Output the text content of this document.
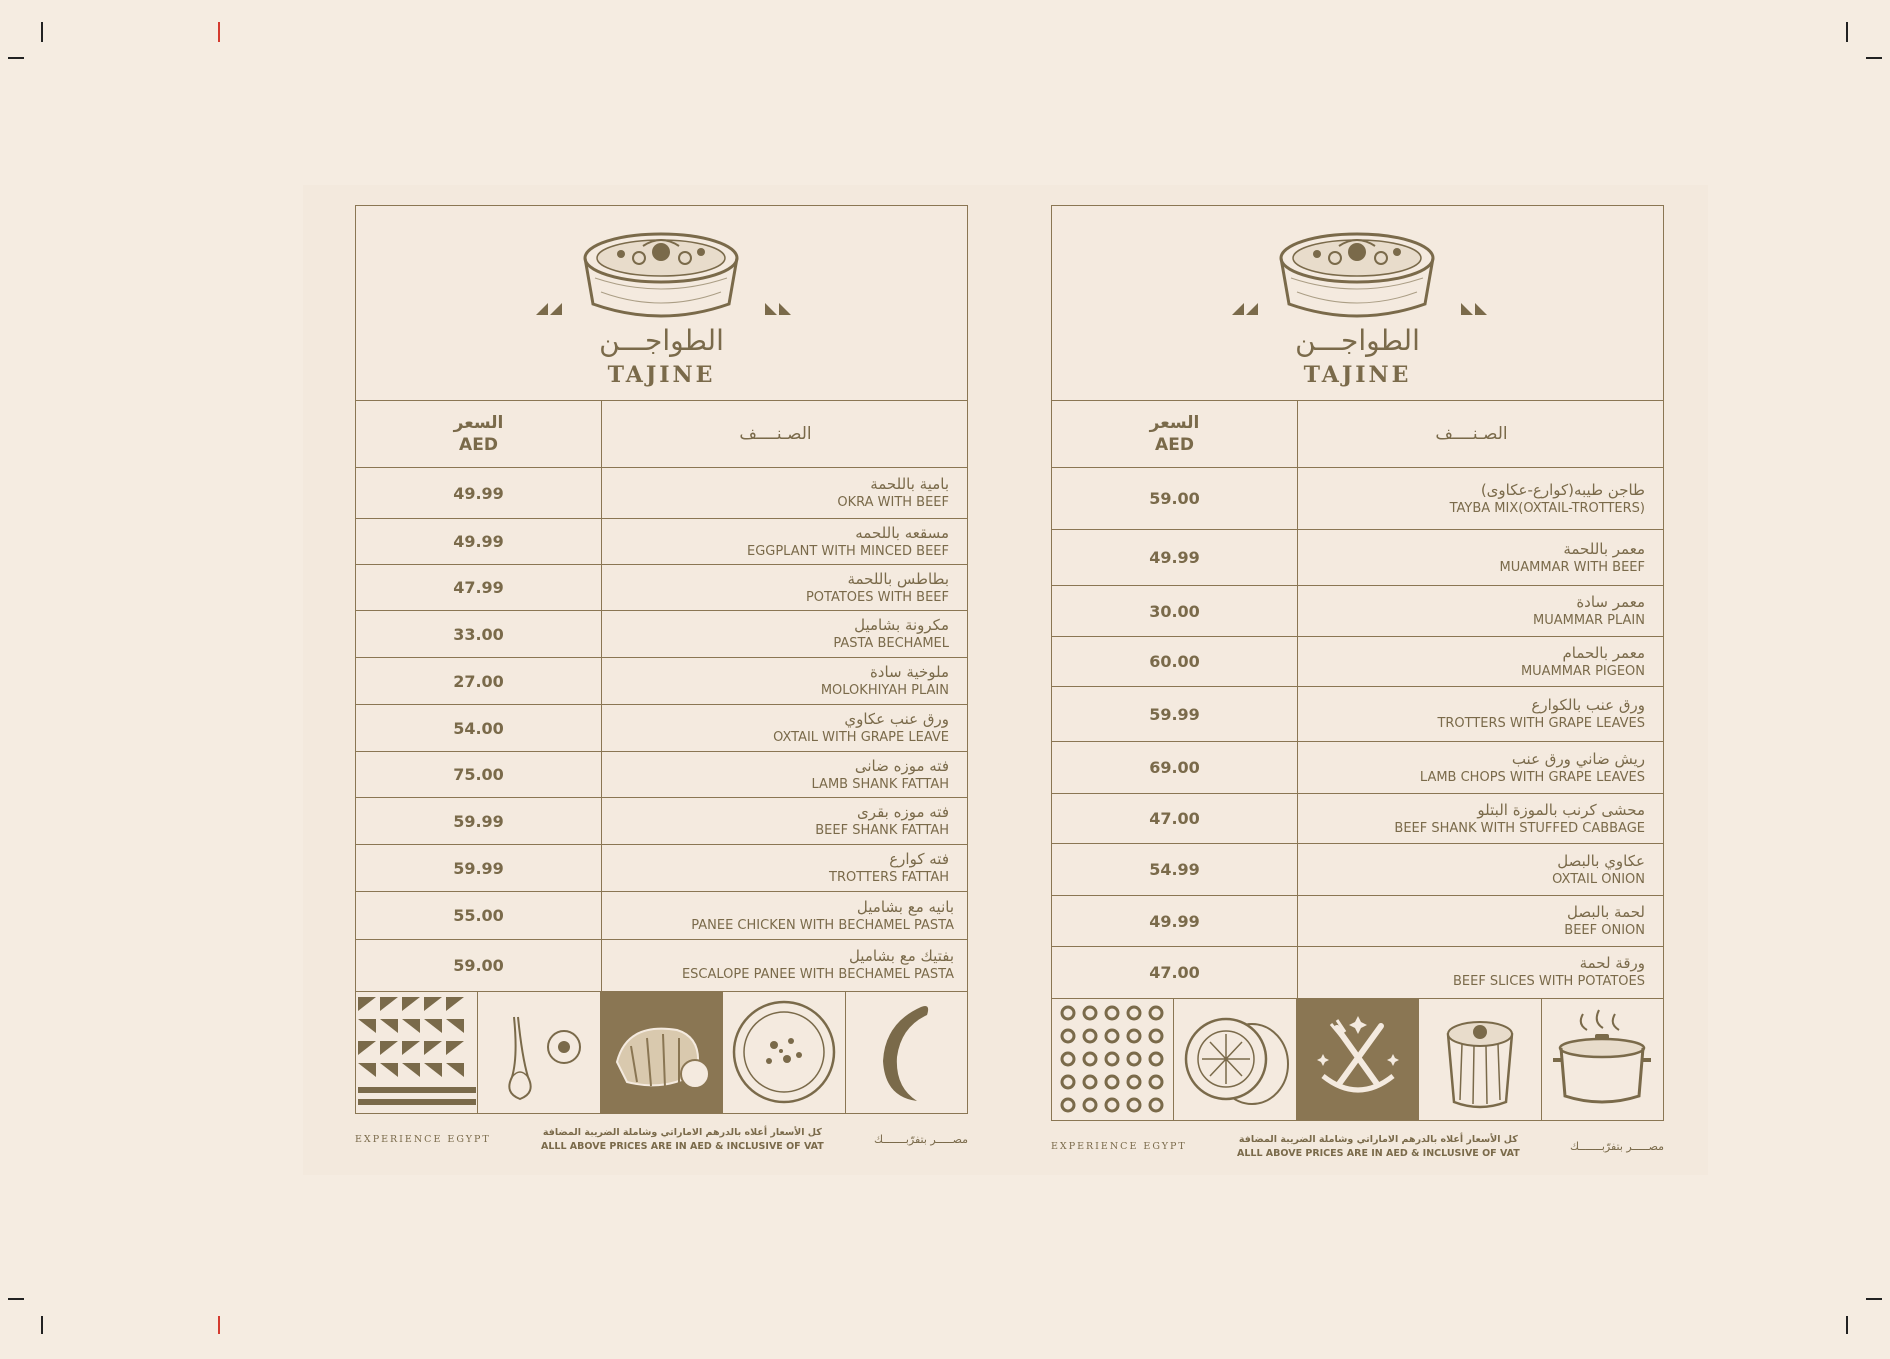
الطواجـــن
TAJINE
السعر
AED	الصـنــــف
49.99	بامية باللحمة
OKRA WITH BEEF

49.99	مسقعه باللحمه
EGGPLANT WITH MINCED BEEF

47.99	بطاطس باللحمة
POTATOES WITH BEEF

33.00	مكرونة بشاميل
PASTA BECHAMEL

27.00	ملوخية سادة
MOLOKHIYAH PLAIN

54.00	ورق عنب عكاوي
OXTAIL WITH GRAPE LEAVE

75.00	فته موزه ضانى
LAMB SHANK FATTAH

59.99	فته موزه بقرى
BEEF SHANK FATTAH

59.99	فته كوارع
TROTTERS FATTAH

55.00	بانيه مع بشاميل
PANEE CHICKEN WITH BECHAMEL PASTA

59.00	بفتيك مع بشاميل
ESCALOPE PANEE WITH BECHAMEL PASTA
EXPERIENCE EGYPT
كل الأسعار أعلاه بالدرهم الاماراتي وشاملة الضريبة المضافة
ALLL ABOVE PRICES ARE IN AED & INCLUSIVE OF VAT	مصـــــر بتفرّبـــــــك
الطواجـــن
TAJINE
السعر
AED	الصـنــــف
59.00	طاجن طيبه(كوارع-عكاوى)
TAYBA MIX(OXTAIL-TROTTERS)

49.99	معمر باللحمة
MUAMMAR WITH BEEF

30.00	معمر سادة
MUAMMAR PLAIN

60.00	معمر بالحمام
MUAMMAR PIGEON

59.99	ورق عنب بالكوارع
TROTTERS WITH GRAPE LEAVES

69.00	ريش ضاني ورق عنب
LAMB CHOPS WITH GRAPE LEAVES

47.00	محشى كرنب بالموزة البتلو
BEEF SHANK WITH STUFFED CABBAGE

54.99	عكاوي بالبصل
OXTAIL ONION

49.99	لحمة بالبصل
BEEF ONION

47.00	ورقة لحمة
BEEF SLICES WITH POTATOES
EXPERIENCE EGYPT
كل الأسعار أعلاه بالدرهم الاماراتي وشاملة الضريبة المضافة
ALLL ABOVE PRICES ARE IN AED & INCLUSIVE OF VAT	مصـــــر بتفرّبـــــــك
